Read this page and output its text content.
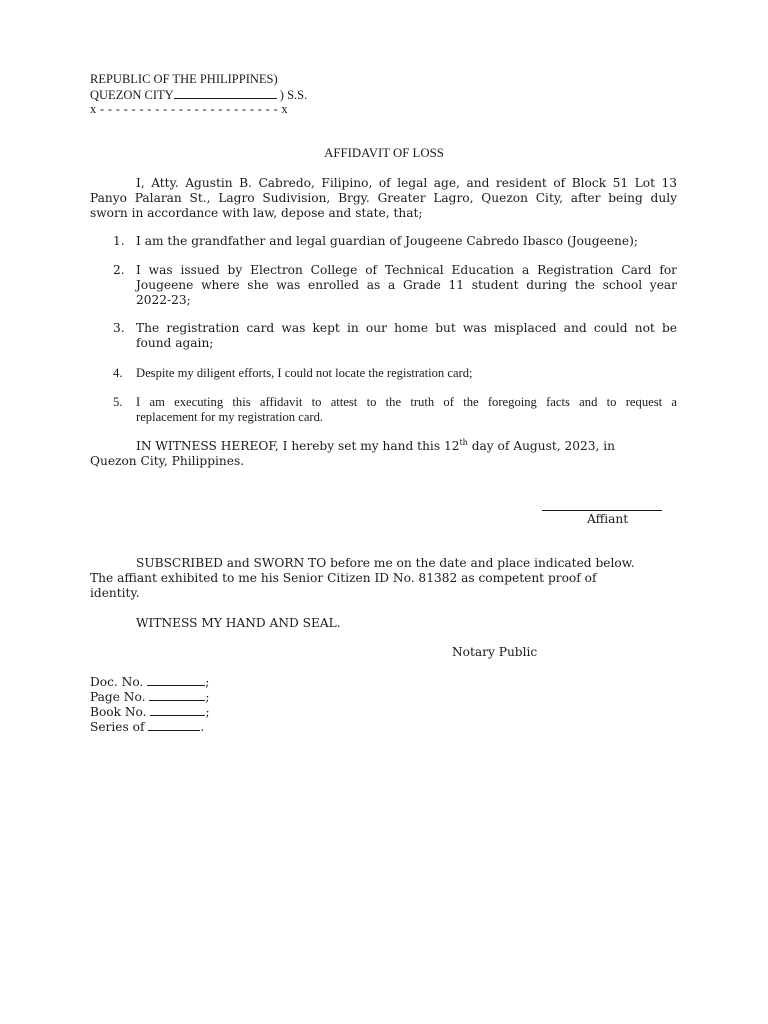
REPUBLIC OF THE PHILIPPINES)
QUEZON CITY	) S.S.
x - - - - - - - - - - - - - - - - - - - - - - - x
AFFIDAVIT OF LOSS
I, Atty. Agustin B. Cabredo, Filipino, of legal age, and resident of Block 51 Lot 13
Panyo Palaran St., Lagro Sudivision, Brgy. Greater Lagro, Quezon City, after being duly
sworn in accordance with law, depose and state, that;
1. I am the grandfather and legal guardian of Jougeene Cabredo Ibasco (Jougeene);
2. I was issued by Electron College of Technical Education a Registration Card for
Jougeene where she was enrolled as a Grade 11 student during the school year
2022-23;
3. The registration card was kept in our home but was misplaced and could not be
found again;
4. Despite my diligent efforts, I could not locate the registration card;
5. I am executing this affidavit to attest to the truth of the foregoing facts and to request a
replacement for my registration card.
IN WITNESS HEREOF, I hereby set my hand this 12th day of August, 2023, in
Quezon City, Philippines.
Affiant
SUBSCRIBED and SWORN TO before me on the date and place indicated below.
The affiant exhibited to me his Senior Citizen ID No. 81382 as competent proof of
identity.
WITNESS MY HAND AND SEAL.
Notary Public
Doc. No.	;
Page No.	;
Book No.	;
Series of	.
